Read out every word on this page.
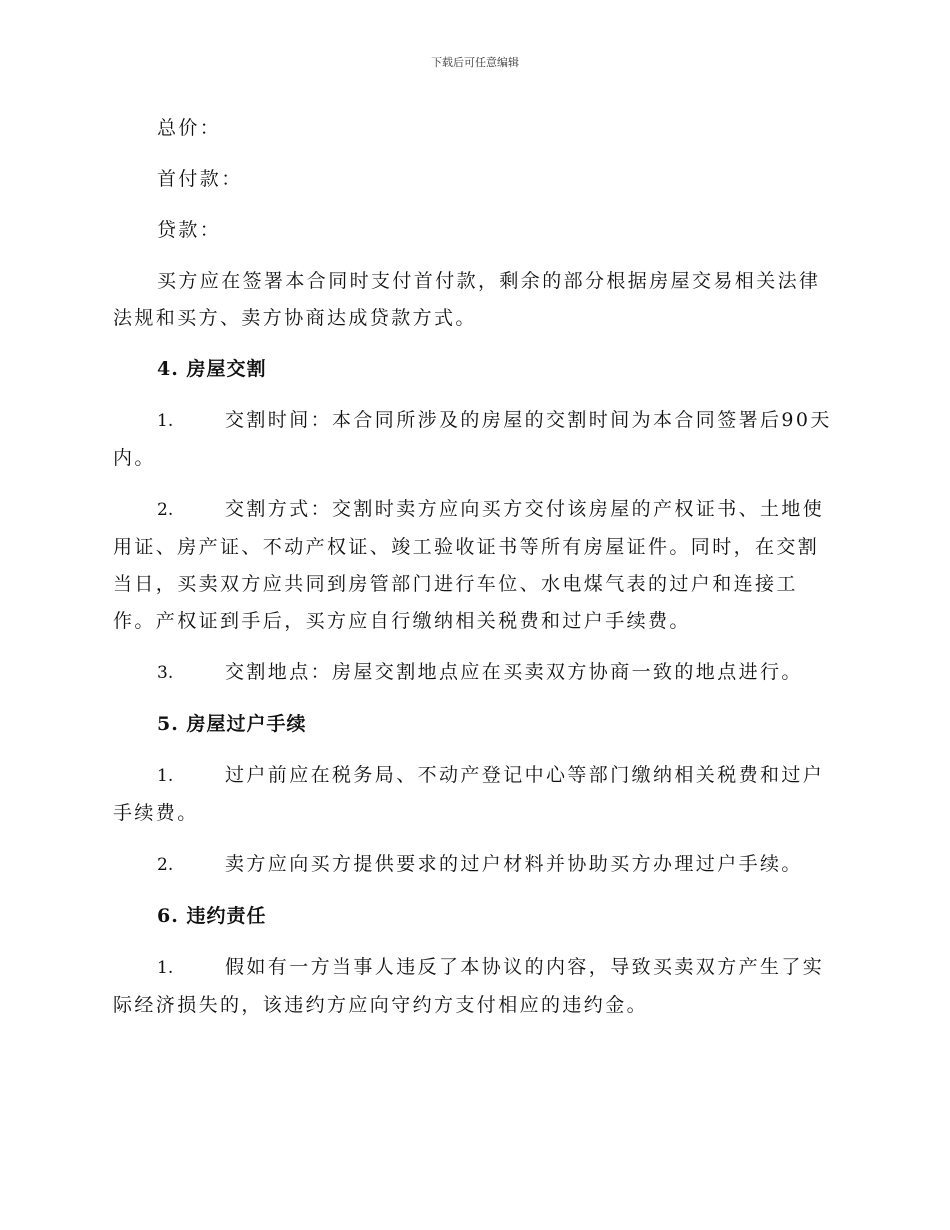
下载后可任意编辑

总价：

首付款：

贷款：

买方应在签署本合同时支付首付款，剩余的部分根据房屋交易相关法律法规和买方、卖方协商达成贷款方式。

4. 房屋交割

1.	交割时间：本合同所涉及的房屋的交割时间为本合同签署后90天内。

2.	交割方式：交割时卖方应向买方交付该房屋的产权证书、土地使用证、房产证、不动产权证、竣工验收证书等所有房屋证件。同时，在交割当日，买卖双方应共同到房管部门进行车位、水电煤气表的过户和连接工作。产权证到手后，买方应自行缴纳相关税费和过户手续费。

3.	交割地点：房屋交割地点应在买卖双方协商一致的地点进行。

5. 房屋过户手续

1.	过户前应在税务局、不动产登记中心等部门缴纳相关税费和过户手续费。

2.	卖方应向买方提供要求的过户材料并协助买方办理过户手续。

6. 违约责任

1.	假如有一方当事人违反了本协议的内容，导致买卖双方产生了实际经济损失的，该违约方应向守约方支付相应的违约金。
